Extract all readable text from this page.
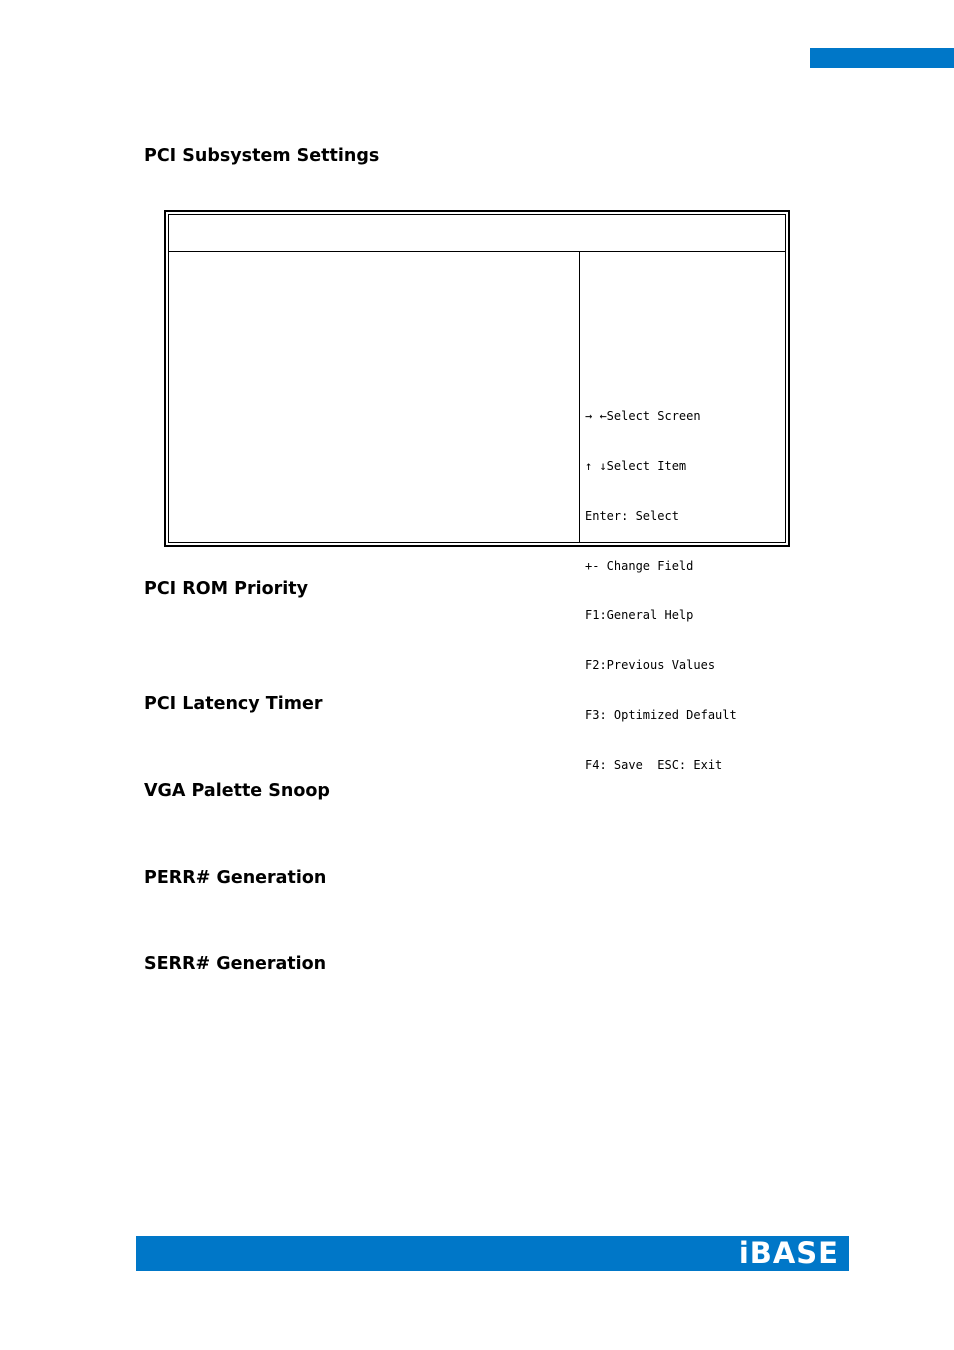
PCI Subsystem Settings

→ ←Select Screen

↑ ↓Select Item

Enter: Select

+- Change Field

F1:General Help

F2:Previous Values

F3: Optimized Default

F4: Save  ESC: Exit

PCI ROM Priority
PCI Latency Timer
VGA Palette Snoop
PERR# Generation
SERR# Generation
iBASE
